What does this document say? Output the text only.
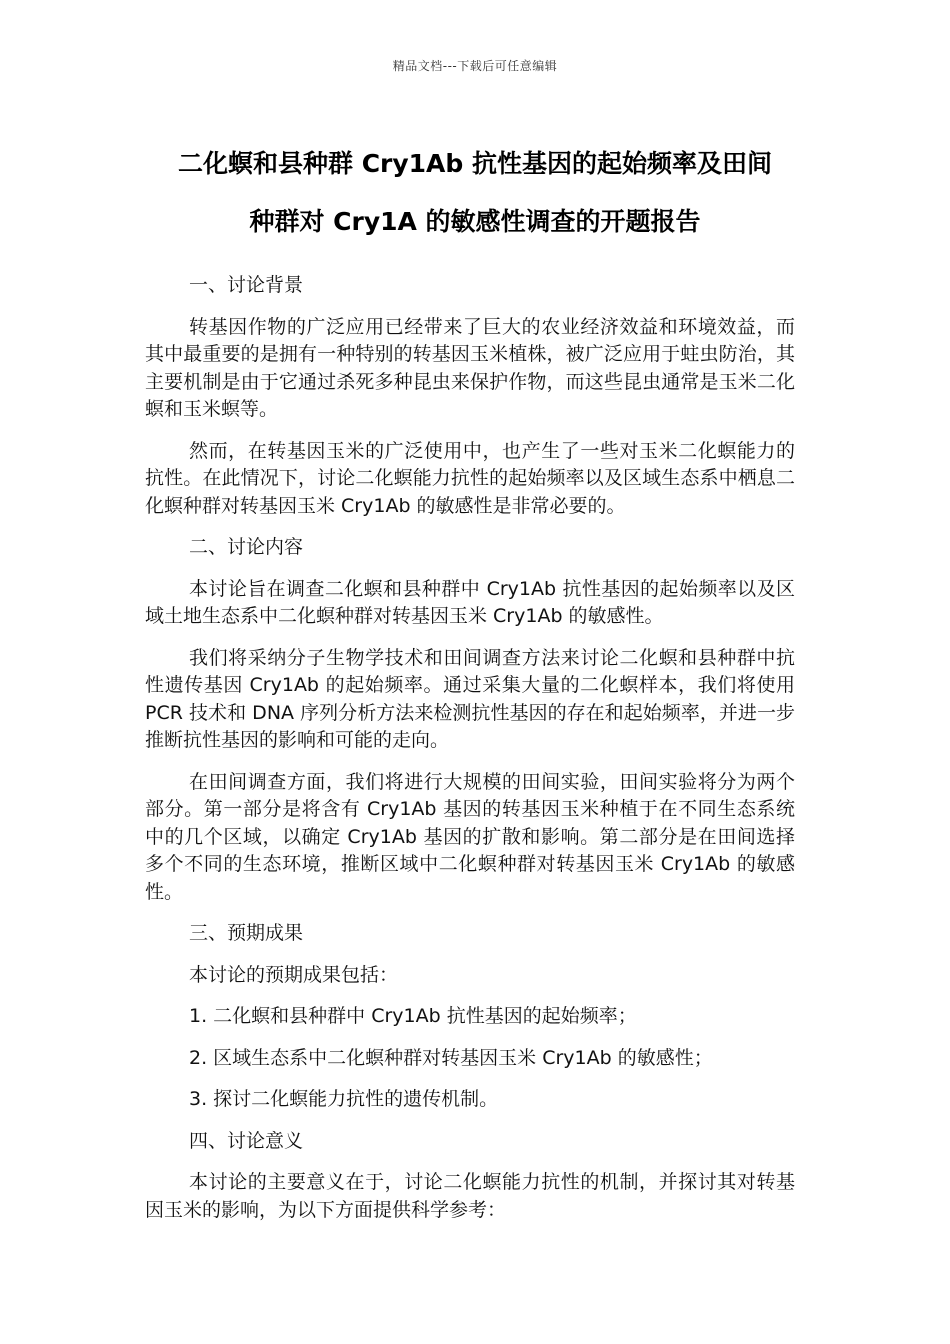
精品文档---下载后可任意编辑
二化螟和县种群 Cry1Ab 抗性基因的起始频率及田间
种群对 Cry1A 的敏感性调查的开题报告

一、讨论背景

转基因作物的广泛应用已经带来了巨大的农业经济效益和环境效益，而其中最重要的是拥有一种特别的转基因玉米植株，被广泛应用于蛀虫防治，其主要机制是由于它通过杀死多种昆虫来保护作物，而这些昆虫通常是玉米二化螟和玉米螟等。

然而，在转基因玉米的广泛使用中，也产生了一些对玉米二化螟能力的抗性。在此情况下，讨论二化螟能力抗性的起始频率以及区域生态系中栖息二化螟种群对转基因玉米 Cry1Ab 的敏感性是非常必要的。

二、讨论内容

本讨论旨在调查二化螟和县种群中 Cry1Ab 抗性基因的起始频率以及区域土地生态系中二化螟种群对转基因玉米 Cry1Ab 的敏感性。

我们将采纳分子生物学技术和田间调查方法来讨论二化螟和县种群中抗性遗传基因 Cry1Ab 的起始频率。通过采集大量的二化螟样本，我们将使用 PCR 技术和 DNA 序列分析方法来检测抗性基因的存在和起始频率，并进一步推断抗性基因的影响和可能的走向。

在田间调查方面，我们将进行大规模的田间实验，田间实验将分为两个部分。第一部分是将含有 Cry1Ab 基因的转基因玉米种植于在不同生态系统中的几个区域，以确定 Cry1Ab 基因的扩散和影响。第二部分是在田间选择多个不同的生态环境，推断区域中二化螟种群对转基因玉米 Cry1Ab 的敏感性。

三、预期成果

本讨论的预期成果包括：

1. 二化螟和县种群中 Cry1Ab 抗性基因的起始频率；

2. 区域生态系中二化螟种群对转基因玉米 Cry1Ab 的敏感性；

3. 探讨二化螟能力抗性的遗传机制。

四、讨论意义

本讨论的主要意义在于，讨论二化螟能力抗性的机制，并探讨其对转基因玉米的影响，为以下方面提供科学参考：
